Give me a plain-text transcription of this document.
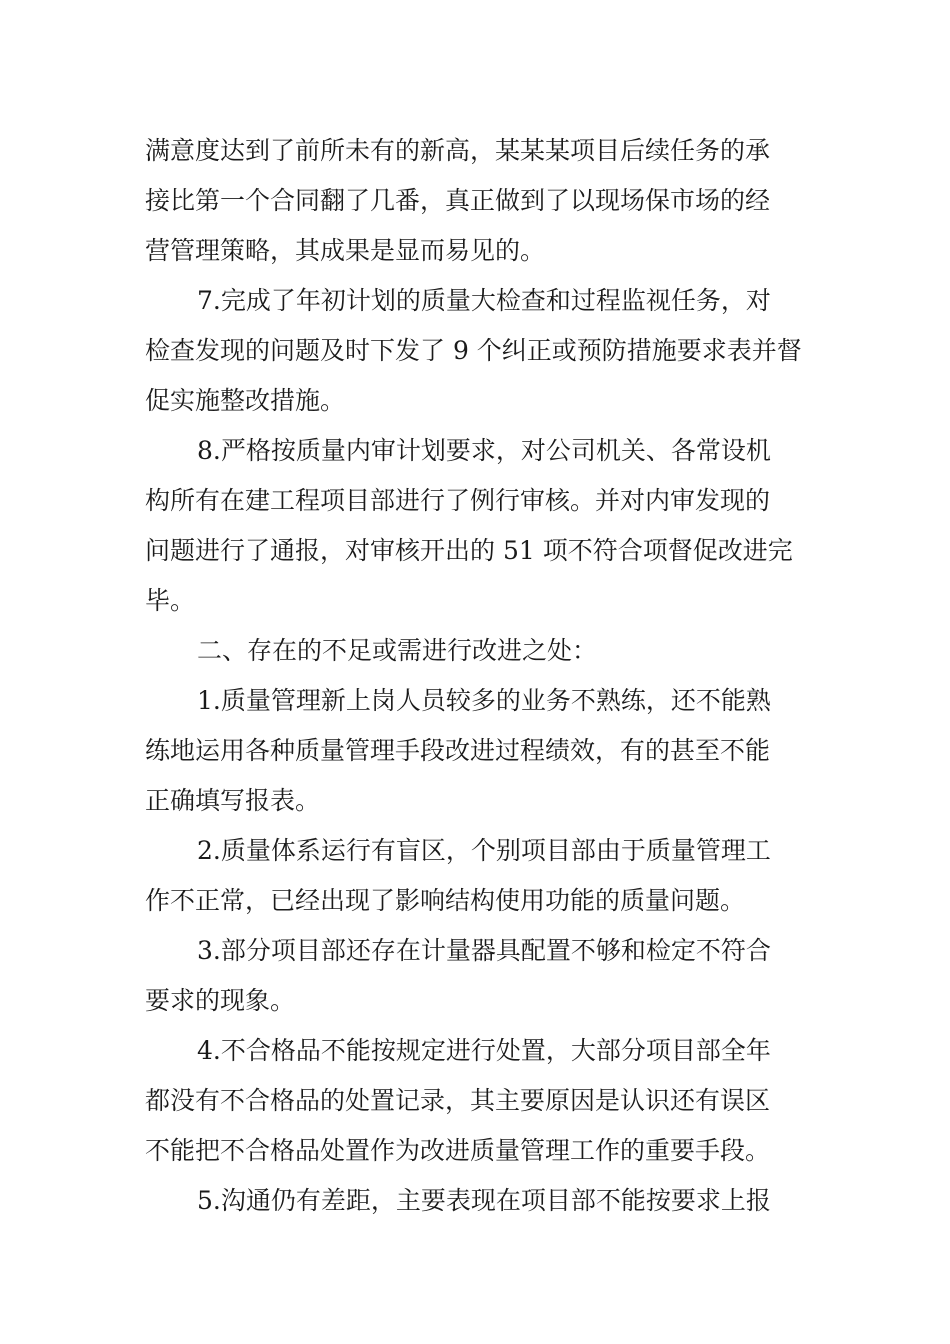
满意度达到了前所未有的新高，某某某项目后续任务的承
接比第一个合同翻了几番，真正做到了以现场保市场的经
营管理策略，其成果是显而易见的。

7.完成了年初计划的质量大检查和过程监视任务，对
检查发现的问题及时下发了 9 个纠正或预防措施要求表并督
促实施整改措施。

8.严格按质量内审计划要求，对公司机关、各常设机
构所有在建工程项目部进行了例行审核。并对内审发现的
问题进行了通报，对审核开出的 51 项不符合项督促改进完
毕。

二、存在的不足或需进行改进之处：

1.质量管理新上岗人员较多的业务不熟练，还不能熟
练地运用各种质量管理手段改进过程绩效，有的甚至不能
正确填写报表。

2.质量体系运行有盲区，个别项目部由于质量管理工
作不正常，已经出现了影响结构使用功能的质量问题。

3.部分项目部还存在计量器具配置不够和检定不符合
要求的现象。

4.不合格品不能按规定进行处置，大部分项目部全年
都没有不合格品的处置记录，其主要原因是认识还有误区
不能把不合格品处置作为改进质量管理工作的重要手段。

5.沟通仍有差距，主要表现在项目部不能按要求上报
